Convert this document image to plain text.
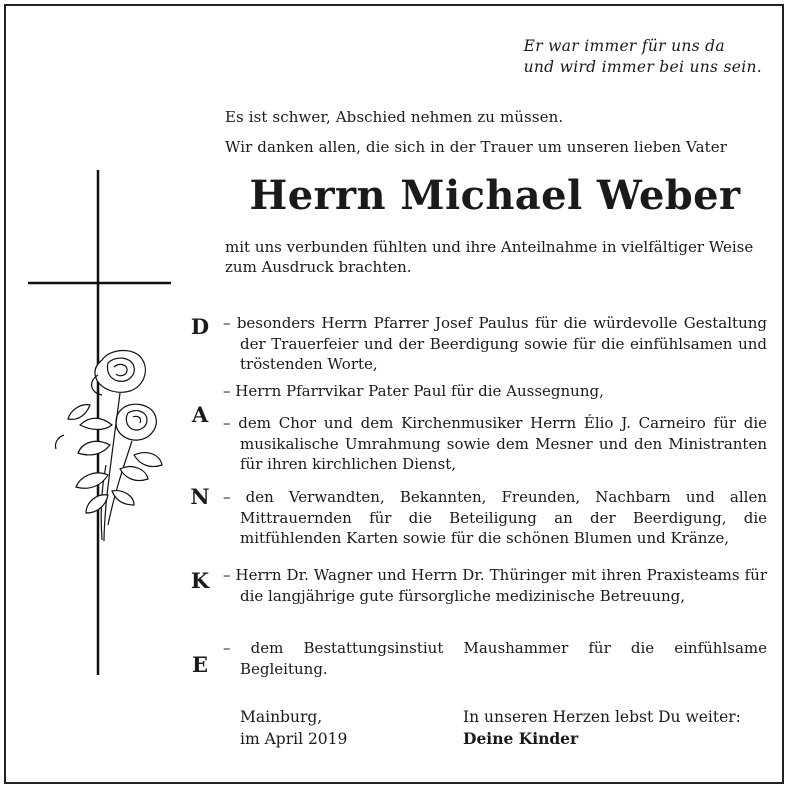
Er war immer für uns da
und wird immer bei uns sein.
Es ist schwer, Abschied nehmen zu müssen.
Wir danken allen, die sich in der Trauer um unseren lieben Vater
Herrn Michael Weber
mit uns verbunden fühlten und ihre Anteilnahme in vielfältiger Weise zum Ausdruck brachten.
D
A
N
K
E
– besonders Herrn Pfarrer Josef Paulus für die würdevolle Gestaltung der Trauerfeier und der Beerdigung sowie für die einfühlsamen und tröstenden Worte,
– Herrn Pfarrvikar Pater Paul für die Aussegnung,
– dem Chor und dem Kirchenmusiker Herrn Élio J. Carneiro für die musikalische Umrahmung sowie dem Mesner und den Ministranten für ihren kirchlichen Dienst,
– den Verwandten, Bekannten, Freunden, Nachbarn und allen Mittrauernden für die Beteiligung an der Beerdigung, die mitfühlenden Karten sowie für die schönen Blumen und Kränze,
– Herrn Dr. Wagner und Herrn Dr. Thüringer mit ihren Praxisteams für die langjährige gute fürsorgliche medizinische Betreuung,
– dem Bestattungsinstiut Maushammer für die einfühlsame Begleitung.
Mainburg,
im April 2019
In unseren Herzen lebst Du weiter:
Deine Kinder
